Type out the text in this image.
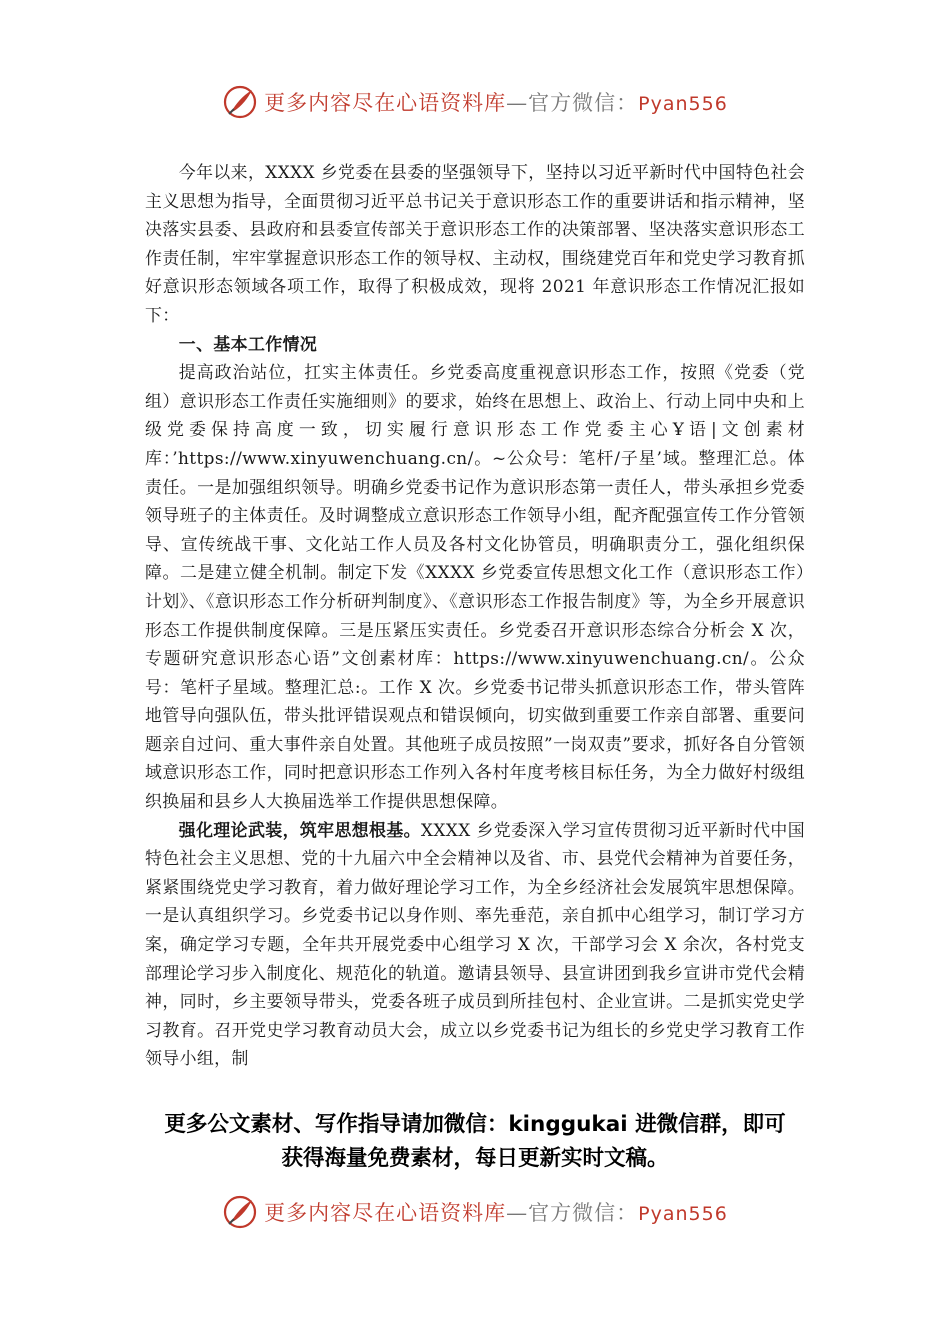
更多内容尽在心语资料库—官方微信：Pyan556

今年以来，XXXX 乡党委在县委的坚强领导下，坚持以习近平新时代中国特色社会主义思想为指导，全面贯彻习近平总书记关于意识形态工作的重要讲话和指示精神，坚决落实县委、县政府和县委宣传部关于意识形态工作的决策部署、坚决落实意识形态工作责任制，牢牢掌握意识形态工作的领导权、主动权，围绕建党百年和党史学习教育抓好意识形态领域各项工作，取得了积极成效，现将 2021 年意识形态工作情况汇报如下：

一、基本工作情况

提高政治站位，扛实主体责任。乡党委高度重视意识形态工作，按照《党委（党组）意识形态工作责任实施细则》的要求，始终在思想上、政治上、行动上同中央和上级党委保持高度一致，切实履行意识形态工作党委主心Ұ语|文创素材库：’https://www.xinyuwenchuang.cn/。~公众号：笔杆/子星’域。整理汇总。体责任。一是加强组织领导。明确乡党委书记作为意识形态第一责任人，带头承担乡党委领导班子的主体责任。及时调整成立意识形态工作领导小组，配齐配强宣传工作分管领导、宣传统战干事、文化站工作人员及各村文化协管员，明确职责分工，强化组织保障。二是建立健全机制。制定下发《XXXX 乡党委宣传思想文化工作（意识形态工作）计划》、《意识形态工作分析研判制度》、《意识形态工作报告制度》等，为全乡开展意识形态工作提供制度保障。三是压紧压实责任。乡党委召开意识形态综合分析会 X 次，专题研究意识形态心语”文创素材库：https://www.xinyuwenchuang.cn/。公众号：笔杆子星域。整理汇总:。工作 X 次。乡党委书记带头抓意识形态工作，带头管阵地管导向强队伍，带头批评错误观点和错误倾向，切实做到重要工作亲自部署、重要问题亲自过问、重大事件亲自处置。其他班子成员按照”一岗双责”要求，抓好各自分管领域意识形态工作，同时把意识形态工作列入各村年度考核目标任务，为全力做好村级组织换届和县乡人大换届选举工作提供思想保障。

强化理论武装，筑牢思想根基。XXXX 乡党委深入学习宣传贯彻习近平新时代中国特色社会主义思想、党的十九届六中全会精神以及省、市、县党代会精神为首要任务，紧紧围绕党史学习教育，着力做好理论学习工作，为全乡经济社会发展筑牢思想保障。一是认真组织学习。乡党委书记以身作则、率先垂范，亲自抓中心组学习，制订学习方案，确定学习专题，全年共开展党委中心组学习 X 次，干部学习会 X 余次，各村党支部理论学习步入制度化、规范化的轨道。邀请县领导、县宣讲团到我乡宣讲市党代会精神，同时，乡主要领导带头，党委各班子成员到所挂包村、企业宣讲。二是抓实党史学习教育。召开党史学习教育动员大会，成立以乡党委书记为组长的乡党史学习教育工作领导小组，制

更多公文素材、写作指导请加微信：kinggukai 进微信群，即可
获得海量免费素材，每日更新实时文稿。
更多内容尽在心语资料库—官方微信：Pyan556
